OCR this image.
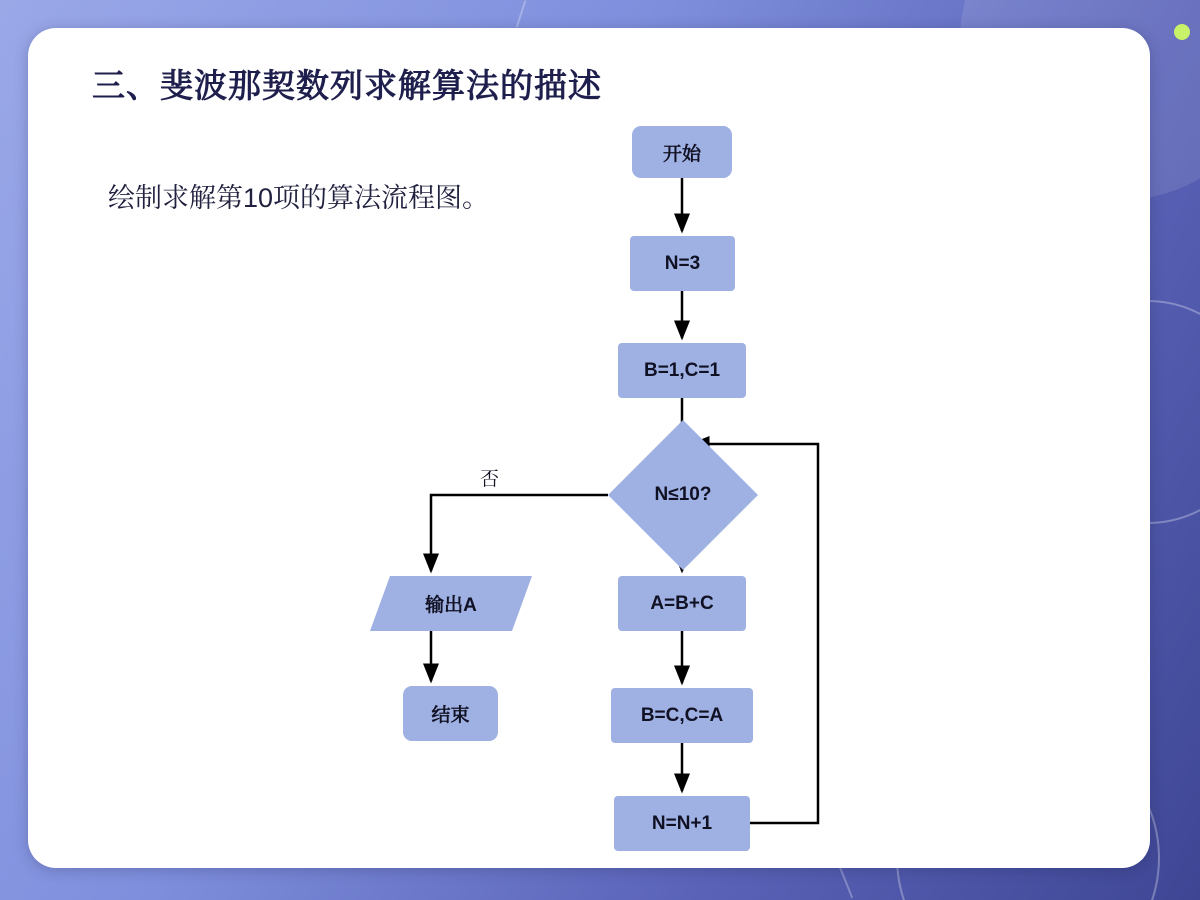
三、斐波那契数列求解算法的描述
绘制求解第10项的算法流程图。
否
开始
N=3
B=1,C=1
N≤10?
输出A
结束
A=B+C
B=C,C=A
N=N+1
